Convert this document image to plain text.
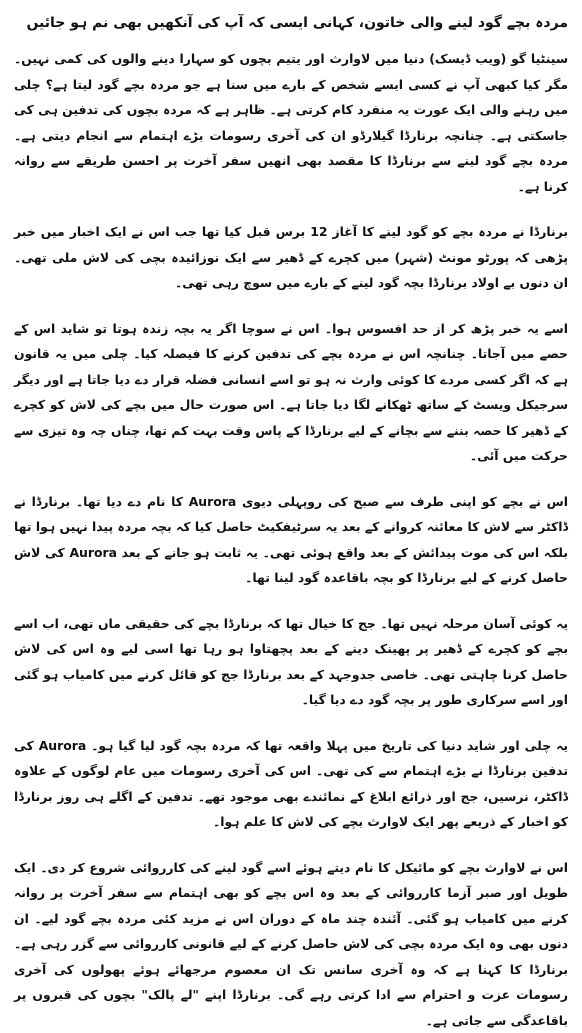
مردہ بچے گود لینے والی خاتون، کہانی ایسی کہ آپ کی آنکھیں بھی نم ہو جائیں

سینٹیا گو (ویب ڈیسک) دنیا میں لاوارث اور یتیم بچوں کو سہارا دینے والوں کی کمی نہیں۔ مگر کیا کبھی آپ نے کسی ایسے شخص کے بارے میں سنا ہے جو مردہ بچے گود لیتا ہے؟ چلی میں رہنے والی ایک عورت یہ منفرد کام کرتی ہے۔ ظاہر ہے کہ مردہ بچوں کی تدفین ہی کی جاسکتی ہے۔ چنانچہ برنارڈا گیلارڈو ان کی آخری رسومات بڑے اہتمام سے انجام دیتی ہے۔ مردہ بچے گود لینے سے برنارڈا کا مقصد بھی انھیں سفر آخرت پر احسن طریقے سے روانہ کرنا ہے۔

برنارڈا نے مردہ بچے کو گود لینے کا آغاز 12 برس قبل کیا تھا جب اس نے ایک اخبار میں خبر پڑھی کہ پورٹو مونٹ (شہر) میں کچرے کے ڈھیر سے ایک نوزائیدہ بچی کی لاش ملی تھی۔ ان دنوں بے اولاد برنارڈا بچہ گود لینے کے بارے میں سوچ رہی تھی۔

اسے یہ خبر پڑھ کر از حد افسوس ہوا۔ اس نے سوچا اگر یہ بچہ زندہ ہوتا تو شاید اس کے حصے میں آجاتا۔ چنانچہ اس نے مردہ بچے کی تدفین کرنے کا فیصلہ کیا۔ چلی میں یہ قانون ہے کہ اگر کسی مردے کا کوئی وارث نہ ہو تو اسے انسانی فضلہ قرار دے دیا جاتا ہے اور دیگر سرجیکل ویسٹ کے ساتھ ٹھکانے لگا دیا جاتا ہے۔ اس صورت حال میں بچے کی لاش کو کچرے کے ڈھیر کا حصہ بننے سے بچانے کے لیے برنارڈا کے پاس وقت بہت کم تھا، چناں چہ وہ تیزی سے حرکت میں آئی۔

اس نے بچے کو اپنی طرف سے صبح کی روپہلی دیوی Aurora کا نام دے دیا تھا۔ برنارڈا نے ڈاکٹر سے لاش کا معائنہ کروانے کے بعد یہ سرٹیفکیٹ حاصل کیا کہ بچہ مردہ پیدا نہیں ہوا تھا بلکہ اس کی موت پیدائش کے بعد واقع ہوئی تھی۔ یہ ثابت ہو جانے کے بعد Aurora کی لاش حاصل کرنے کے لیے برنارڈا کو بچہ باقاعدہ گود لینا تھا۔

یہ کوئی آسان مرحلہ نہیں تھا۔ جج کا خیال تھا کہ برنارڈا بچے کی حقیقی ماں تھی، اب اسے بچے کو کچرے کے ڈھیر پر پھینک دینے کے بعد پچھتاوا ہو رہا تھا اسی لیے وہ اس کی لاش حاصل کرنا چاہتی تھی۔ خاصی جدوجہد کے بعد برنارڈا جج کو قائل کرنے میں کامیاب ہو گئی اور اسے سرکاری طور پر بچہ گود دے دیا گیا۔

یہ چلی اور شاید دنیا کی تاریخ میں پہلا واقعہ تھا کہ مردہ بچہ گود لیا گیا ہو۔ Aurora کی تدفین برنارڈا نے بڑے اہتمام سے کی تھی۔ اس کی آخری رسومات میں عام لوگوں کے علاوہ ڈاکٹر، نرسیں، جج اور ذرائع ابلاغ کے نمائندے بھی موجود تھے۔ تدفین کے اگلے ہی روز برنارڈا کو اخبار کے ذریعے پھر ایک لاوارث بچے کی لاش کا علم ہوا۔

اس نے لاوارث بچے کو مائیکل کا نام دیتے ہوئے اسے گود لینے کی کارروائی شروع کر دی۔ ایک طویل اور صبر آزما کارروائی کے بعد وہ اس بچے کو بھی اہتمام سے سفر آخرت پر روانہ کرنے میں کامیاب ہو گئی۔ آئندہ چند ماہ کے دوران اس نے مزید کئی مردہ بچے گود لیے۔ ان دنوں بھی وہ ایک مردہ بچی کی لاش حاصل کرنے کے لیے قانونی کارروائی سے گزر رہی ہے۔ برنارڈا کا کہنا ہے کہ وہ آخری سانس تک ان معصوم مرجھائے ہوئے پھولوں کی آخری رسومات عزت و احترام سے ادا کرتی رہے گی۔ برنارڈا اپنے "لے پالک" بچوں کی قبروں پر باقاعدگی سے جاتی ہے۔
